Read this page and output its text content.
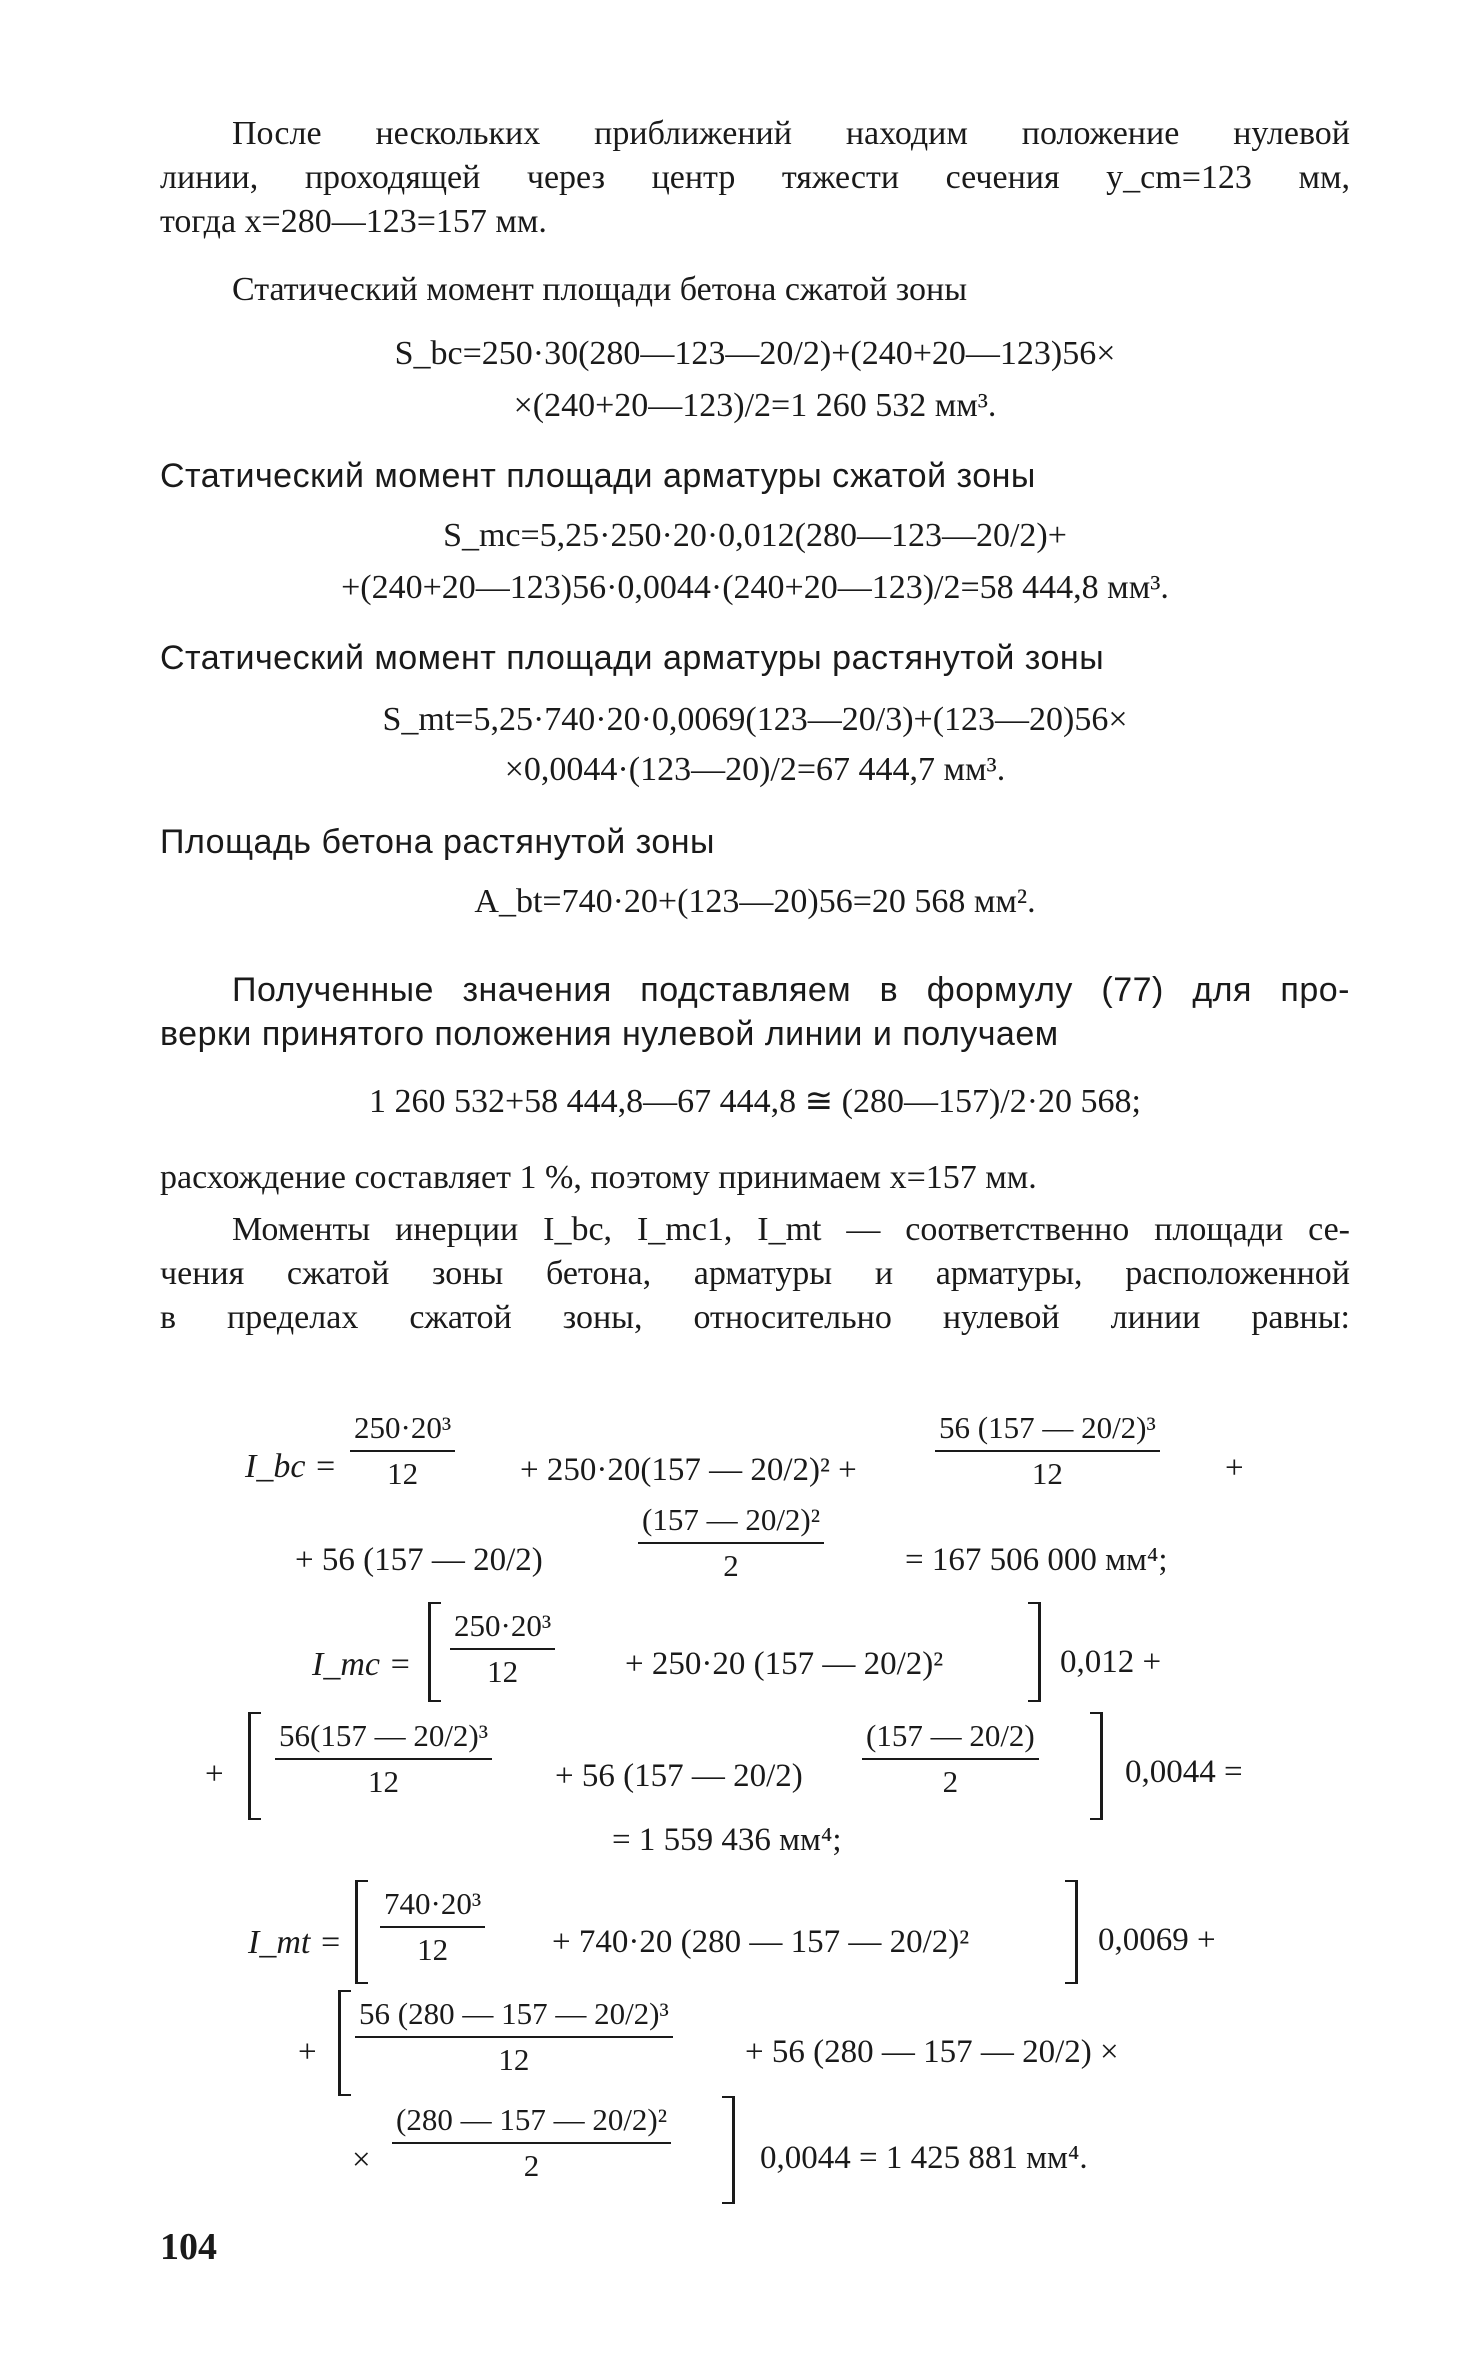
После нескольких приближений находим положение нулевой

линии, проходящей через центр тяжести сечения y_cm=123 мм,

тогда x=280—123=157 мм.

Статический момент площади бетона сжатой зоны

S_bc=250·30(280—123—20/2)+(240+20—123)56×
×(240+20—123)/2=1 260 532 мм³.

Статический момент площади арматуры сжатой зоны

S_mc=5,25·250·20·0,012(280—123—20/2)+
+(240+20—123)56·0,0044·(240+20—123)/2=58 444,8 мм³.

Статический момент площади арматуры растянутой зоны

S_mt=5,25·740·20·0,0069(123—20/3)+(123—20)56×
×0,0044·(123—20)/2=67 444,7 мм³.

Площадь бетона растянутой зоны

A_bt=740·20+(123—20)56=20 568 мм².

Полученные значения подставляем в формулу (77) для про-

верки принятого положения нулевой линии и получаем

1 260 532+58 444,8—67 444,8 ≅ (280—157)/2·20 568;

расхождение составляет 1 %, поэтому принимаем x=157 мм.

Моменты инерции I_bc, I_mc1, I_mt — соответственно площади се-

чения сжатой зоны бетона, арматуры и арматуры, расположенной

в пределах сжатой зоны, относительно нулевой линии равны:

I_bc = $\frac{\text{250·20³}}{12} + 250\cdot 20(157$ — 20/2)² +	$\frac{\text{56 (157 — 20/2)³}}{12}$ +
+ 56 (157 — 20/2)	$\frac{\text{(157 — 20/2)²}}{2} = 167$ 506 000 мм⁴;
I_mc = $\frac{\text{250·20³}}{12} + 250\cdot 20$ (157 — 20/2)²	0,012 +
+ $\frac{\text{56(157 — 20/2)³}}{12} + 56$ (157 — $20/2) \frac{(157 — 20/2)}{2}$	0,0044 =
= 1 559 436 мм⁴;
I_mt = $\frac{\text{740·20³}}{12} + 740\cdot 20$ (280 — 157 — 20/2)²	0,0069 +
+ $\frac{\text{56 (280 — 157 — 20/2)³}}{12} + 56$ (280 — 157 — 20/2) ×
× $\frac{\text{(280 — 157 — 20/2)²}}{2}$	0,0044 = 1 425 881 мм⁴.
104
